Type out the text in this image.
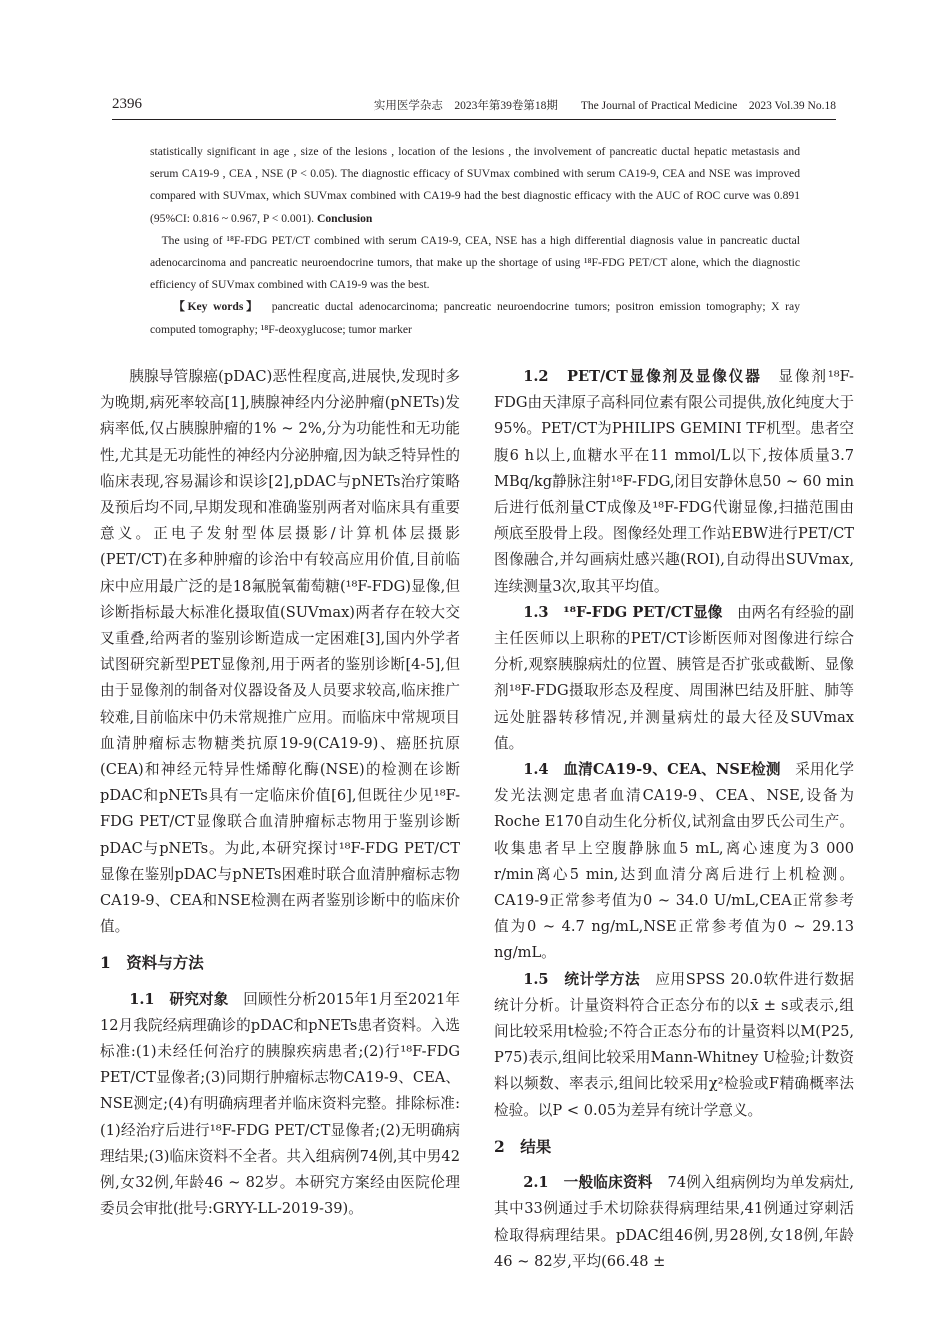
2396	实用医学杂志　2023年第39卷第18期　　The Journal of Practical Medicine　2023 Vol.39 No.18

statistically significant in age , size of the lesions , location of the lesions , the involvement of pancreatic ductal hepatic metastasis and serum CA19-9 , CEA , NSE (P < 0.05). The diagnostic efficacy of SUVmax combined with serum CA19-9, CEA and NSE was improved compared with SUVmax, which SUVmax combined with CA19-9 had the best diagnostic efficacy with the AUC of ROC curve was 0.891 (95%CI: 0.816 ~ 0.967, P < 0.001). Conclusion

The using of ¹⁸F-FDG PET/CT combined with serum CA19-9, CEA, NSE has a high differential diagnosis value in pancreatic ductal adenocarcinoma and pancreatic neuroendocrine tumors, that make up the shortage of using ¹⁸F-FDG PET/CT alone, which the diagnostic efficiency of SUVmax combined with CA19-9 was the best.

【Key words】 pancreatic ductal adenocarcinoma; pancreatic neuroendocrine tumors; positron emission tomography; X ray computed tomography; ¹⁸F-deoxyglucose; tumor marker

胰腺导管腺癌(pDAC)恶性程度高,进展快,发现时多为晚期,病死率较高[1],胰腺神经内分泌肿瘤(pNETs)发病率低,仅占胰腺肿瘤的1% ~ 2%,分为功能性和无功能性,尤其是无功能性的神经内分泌肿瘤,因为缺乏特异性的临床表现,容易漏诊和误诊[2],pDAC与pNETs治疗策略及预后均不同,早期发现和准确鉴别两者对临床具有重要意义。正电子发射型体层摄影/计算机体层摄影(PET/CT)在多种肿瘤的诊治中有较高应用价值,目前临床中应用最广泛的是18氟脱氧葡萄糖(¹⁸F-FDG)显像,但诊断指标最大标准化摄取值(SUVmax)两者存在较大交叉重叠,给两者的鉴别诊断造成一定困难[3],国内外学者试图研究新型PET显像剂,用于两者的鉴别诊断[4-5],但由于显像剂的制备对仪器设备及人员要求较高,临床推广较难,目前临床中仍未常规推广应用。而临床中常规项目血清肿瘤标志物糖类抗原19-9(CA19-9)、癌胚抗原(CEA)和神经元特异性烯醇化酶(NSE)的检测在诊断pDAC和pNETs具有一定临床价值[6],但既往少见¹⁸F-FDG PET/CT显像联合血清肿瘤标志物用于鉴别诊断pDAC与pNETs。为此,本研究探讨¹⁸F-FDG PET/CT显像在鉴别pDAC与pNETs困难时联合血清肿瘤标志物CA19-9、CEA和NSE检测在两者鉴别诊断中的临床价值。

1　资料与方法

1.1　研究对象　回顾性分析2015年1月至2021年12月我院经病理确诊的pDAC和pNETs患者资料。入选标准:(1)未经任何治疗的胰腺疾病患者;(2)行¹⁸F-FDG PET/CT显像者;(3)同期行肿瘤标志物CA19-9、CEA、NSE测定;(4)有明确病理者并临床资料完整。排除标准:(1)经治疗后进行¹⁸F-FDG PET/CT显像者;(2)无明确病理结果;(3)临床资料不全者。共入组病例74例,其中男42例,女32例,年龄46 ~ 82岁。本研究方案经由医院伦理委员会审批(批号:GRYY-LL-2019-39)。

1.2　PET/CT显像剂及显像仪器　显像剂¹⁸F-FDG由天津原子高科同位素有限公司提供,放化纯度大于95%。PET/CT为PHILIPS GEMINI TF机型。患者空腹6 h以上,血糖水平在11 mmol/L以下,按体质量3.7 MBq/kg静脉注射¹⁸F-FDG,闭目安静休息50 ~ 60 min后进行低剂量CT成像及¹⁸F-FDG代谢显像,扫描范围由颅底至股骨上段。图像经处理工作站EBW进行PET/CT图像融合,并勾画病灶感兴趣(ROI),自动得出SUVmax,连续测量3次,取其平均值。

1.3　¹⁸F-FDG PET/CT显像　由两名有经验的副主任医师以上职称的PET/CT诊断医师对图像进行综合分析,观察胰腺病灶的位置、胰管是否扩张或截断、显像剂¹⁸F-FDG摄取形态及程度、周围淋巴结及肝脏、肺等远处脏器转移情况,并测量病灶的最大径及SUVmax值。

1.4　血清CA19-9、CEA、NSE检测　采用化学发光法测定患者血清CA19-9、CEA、NSE,设备为Roche E170自动生化分析仪,试剂盒由罗氏公司生产。收集患者早上空腹静脉血5 mL,离心速度为3 000 r/min离心5 min,达到血清分离后进行上机检测。CA19-9正常参考值为0 ~ 34.0 U/mL,CEA正常参考值为0 ~ 4.7 ng/mL,NSE正常参考值为0 ~ 29.13 ng/mL。

1.5　统计学方法　应用SPSS 20.0软件进行数据统计分析。计量资料符合正态分布的以x̄ ± s或表示,组间比较采用t检验;不符合正态分布的计量资料以M(P25, P75)表示,组间比较采用Mann-Whitney U检验;计数资料以频数、率表示,组间比较采用χ²检验或F精确概率法检验。以P < 0.05为差异有统计学意义。

2　结果

2.1　一般临床资料　74例入组病例均为单发病灶,其中33例通过手术切除获得病理结果,41例通过穿刺活检取得病理结果。pDAC组46例,男28例,女18例,年龄46 ~ 82岁,平均(66.48 ±
